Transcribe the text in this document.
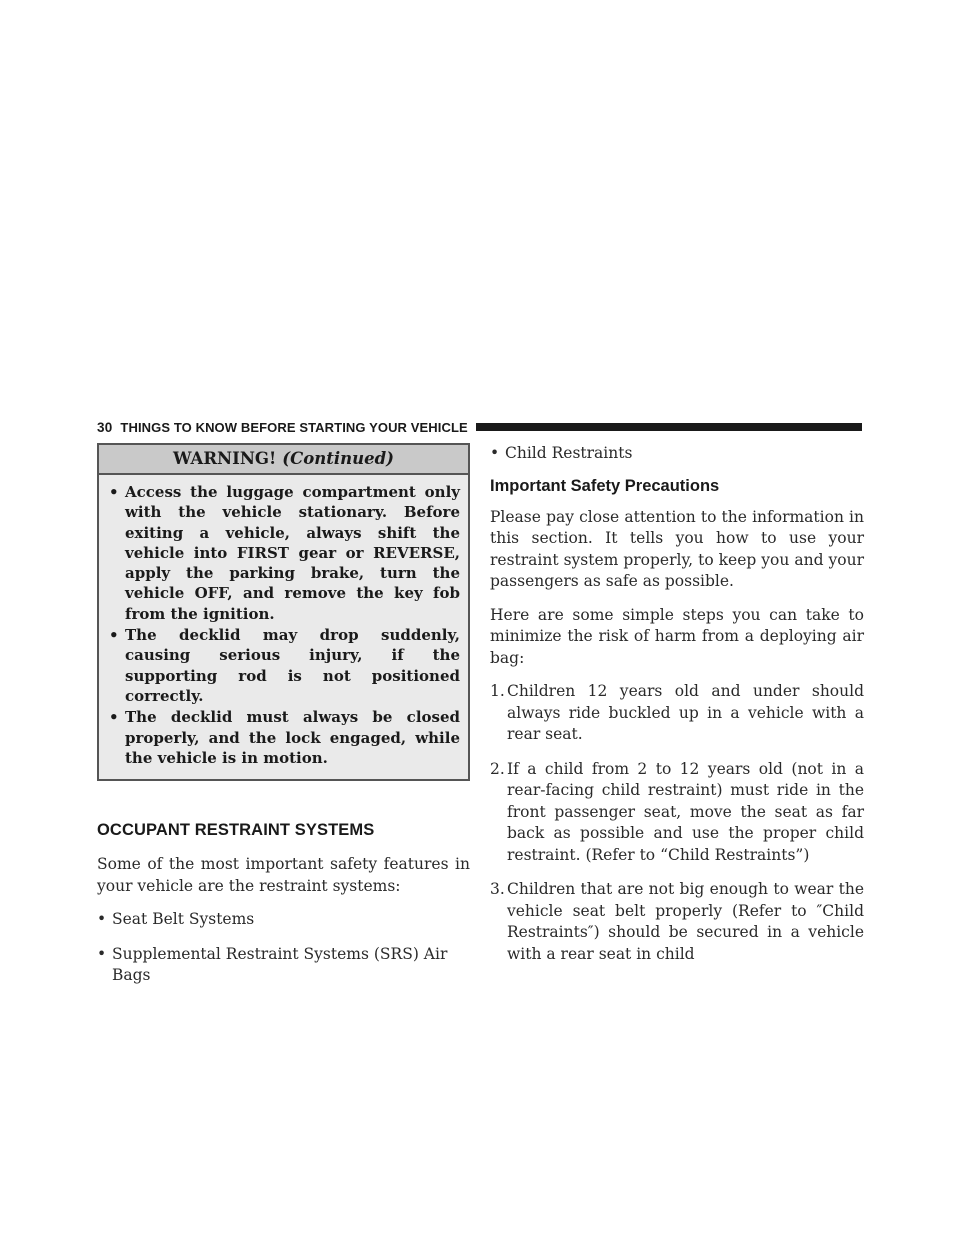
30 THINGS TO KNOW BEFORE STARTING YOUR VEHICLE
WARNING! (Continued)
• Access the luggage compartment only with the vehicle stationary. Before exiting a vehicle, always shift the vehicle into FIRST gear or REVERSE, apply the parking brake, turn the vehicle OFF, and remove the key fob from the ignition.
• The decklid may drop suddenly, causing serious injury, if the supporting rod is not positioned correctly.
• The decklid must always be closed properly, and the lock engaged, while the vehicle is in motion.
OCCUPANT RESTRAINT SYSTEMS

Some of the most important safety features in your vehicle are the restraint systems:

• Seat Belt Systems
• Supplemental Restraint Systems (SRS) Air Bags
• Child Restraints
Important Safety Precautions

Please pay close attention to the information in this section. It tells you how to use your restraint system properly, to keep you and your passengers as safe as possible.

Here are some simple steps you can take to minimize the risk of harm from a deploying air bag:

1. Children 12 years old and under should always ride buckled up in a vehicle with a rear seat.
2. If a child from 2 to 12 years old (not in a rear-facing child restraint) must ride in the front passenger seat, move the seat as far back as possible and use the proper child restraint. (Refer to “Child Restraints”)
3. Children that are not big enough to wear the vehicle seat belt properly (Refer to ″Child Restraints″) should be secured in a vehicle with a rear seat in child
